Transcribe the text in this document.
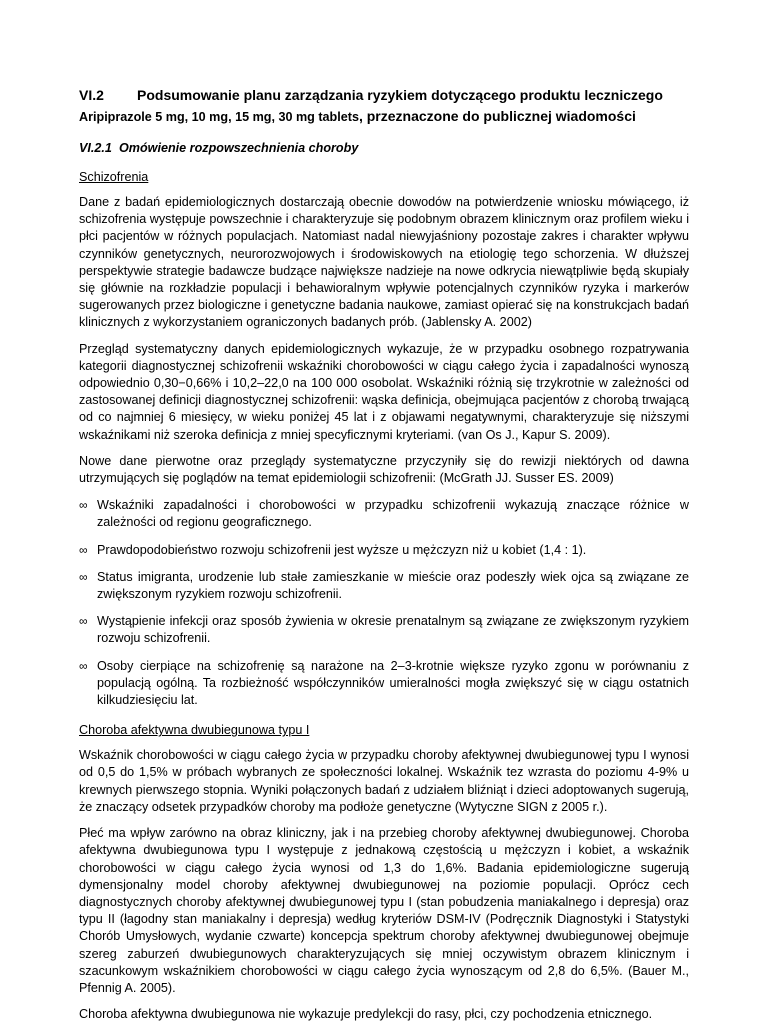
VI.2	Podsumowanie planu zarządzania ryzykiem dotyczącego produktu leczniczego
Aripiprazole 5 mg, 10 mg, 15 mg, 30 mg tablets, przeznaczone do publicznej wiadomości
VI.2.1 Omówienie rozpowszechnienia choroby
Schizofrenia

Dane z badań epidemiologicznych dostarczają obecnie dowodów na potwierdzenie wniosku mówiącego, iż schizofrenia występuje powszechnie i charakteryzuje się podobnym obrazem klinicznym oraz profilem wieku i płci pacjentów w różnych populacjach. Natomiast nadal niewyjaśniony pozostaje zakres i charakter wpływu czynników genetycznych, neurorozwojowych i środowiskowych na etiologię tego schorzenia. W dłuższej perspektywie strategie badawcze budzące największe nadzieje na nowe odkrycia niewątpliwie będą skupiały się głównie na rozkładzie populacji i behawioralnym wpływie potencjalnych czynników ryzyka i markerów sugerowanych przez biologiczne i genetyczne badania naukowe, zamiast opierać się na konstrukcjach badań klinicznych z wykorzystaniem ograniczonych badanych prób. (Jablensky A. 2002)

Przegląd systematyczny danych epidemiologicznych wykazuje, że w przypadku osobnego rozpatrywania kategorii diagnostycznej schizofrenii wskaźniki chorobowości w ciągu całego życia i zapadalności wynoszą odpowiednio 0,30−0,66% i 10,2–22,0 na 100 000 osobolat. Wskaźniki różnią się trzykrotnie w zależności od zastosowanej definicji diagnostycznej schizofrenii: wąska definicja, obejmująca pacjentów z chorobą trwającą od co najmniej 6 miesięcy, w wieku poniżej 45 lat i z objawami negatywnymi, charakteryzuje się niższymi wskaźnikami niż szeroka definicja z mniej specyficznymi kryteriami. (van Os J., Kapur S. 2009).

Nowe dane pierwotne oraz przeglądy systematyczne przyczyniły się do rewizji niektórych od dawna utrzymujących się poglądów na temat epidemiologii schizofrenii: (McGrath JJ. Susser ES. 2009)

∞ Wskaźniki zapadalności i chorobowości w przypadku schizofrenii wykazują znaczące różnice w zależności od regionu geograficznego.
∞ Prawdopodobieństwo rozwoju schizofrenii jest wyższe u mężczyzn niż u kobiet (1,4 : 1).
∞ Status imigranta, urodzenie lub stałe zamieszkanie w mieście oraz podeszły wiek ojca są związane ze zwiększonym ryzykiem rozwoju schizofrenii.
∞ Wystąpienie infekcji oraz sposób żywienia w okresie prenatalnym są związane ze zwiększonym ryzykiem rozwoju schizofrenii.
∞ Osoby cierpiące na schizofrenię są narażone na 2–3-krotnie większe ryzyko zgonu w porównaniu z populacją ogólną. Ta rozbieżność współczynników umieralności mogła zwiększyć się w ciągu ostatnich kilkudziesięciu lat.
Choroba afektywna dwubiegunowa typu I

Wskaźnik chorobowości w ciągu całego życia w przypadku choroby afektywnej dwubiegunowej typu I wynosi od 0,5 do 1,5% w próbach wybranych ze społeczności lokalnej. Wskaźnik tez wzrasta do poziomu 4-9% u krewnych pierwszego stopnia. Wyniki połączonych badań z udziałem bliźniąt i dzieci adoptowanych sugerują, że znaczący odsetek przypadków choroby ma podłoże genetyczne (Wytyczne SIGN z 2005 r.).

Płeć ma wpływ zarówno na obraz kliniczny, jak i na przebieg choroby afektywnej dwubiegunowej. Choroba afektywna dwubiegunowa typu I występuje z jednakową częstością u mężczyzn i kobiet, a wskaźnik chorobowości w ciągu całego życia wynosi od 1,3 do 1,6%. Badania epidemiologiczne sugerują dymensjonalny model choroby afektywnej dwubiegunowej na poziomie populacji. Oprócz cech diagnostycznych choroby afektywnej dwubiegunowej typu I (stan pobudzenia maniakalnego i depresja) oraz typu II (łagodny stan maniakalny i depresja) według kryteriów DSM-IV (Podręcznik Diagnostyki i Statystyki Chorób Umysłowych, wydanie czwarte) koncepcja spektrum choroby afektywnej dwubiegunowej obejmuje szereg zaburzeń dwubiegunowych charakteryzujących się mniej oczywistym obrazem klinicznym i szacunkowym wskaźnikiem chorobowości w ciągu całego życia wynoszącym od 2,8 do 6,5%. (Bauer M., Pfennig A. 2005).

Choroba afektywna dwubiegunowa nie wykazuje predylekcji do rasy, płci, czy pochodzenia etnicznego.
